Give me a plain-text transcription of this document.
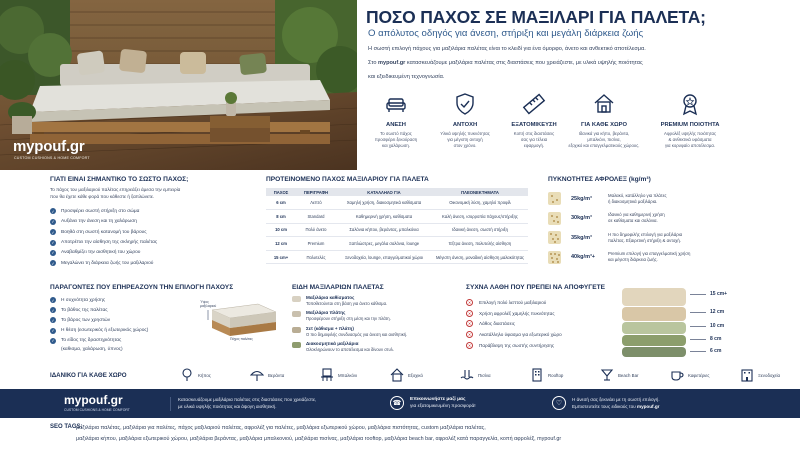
mypouf.gr
CUSTOM CUSHIONS & HOME COMFORT
ΠΟΣΟ ΠΑΧΟΣ ΣΕ ΜΑΞΙΛΑΡΙ ΓΙΑ ΠΑΛΕΤΑ;
Ο απόλυτος οδηγός για άνεση, στήριξη και μεγάλη διάρκεια ζωής
Η σωστή επιλογή πάχους για μαξιλάρια παλέτας είναι το κλειδί για ένα όμορφο, άνετο και ανθεκτικό αποτέλεσμα.
Στο mypouf.gr κατασκευάζουμε μαξιλάρια παλέτας στις διαστάσεις που χρειάζεστε, με υλικά υψηλής ποιότητας
και εξειδικευμένη τεχνογνωσία.
ΑΝΕΣΗ
Το σωστό πάχος
προσφέρει ξεκούραση
και χαλάρωση.
ΑΝΤΟΧΗ
Υλικά υψηλής πυκνότητας
για μέγιστη αντοχή
στον χρόνο.
ΕΞΑΤΟΜΙΚΕΥΣΗ
Κοπή στις διαστάσεις
σας για τέλεια
εφαρμογή.
ΓΙΑ ΚΑΘΕ ΧΩΡΟ
Ιδανικά για κήπο, βεράντα,
μπαλκόνι, πισίνα,
εξοχικό και επαγγελματικούς χώρους.
PREMIUM ΠΟΙΟΤΗΤΑ
Αφρολέξ υψηλής ποιότητας
& ανθεκτικά υφάσματα
για κορυφαίο αποτέλεσμα.
ΓΙΑΤΙ ΕΙΝΑΙ ΣΗΜΑΝΤΙΚΟ ΤΟ ΣΩΣΤΟ ΠΑΧΟΣ;
Το πάχος του μαξιλαριού παλέτας επηρεάζει άμεσα την εμπειρία
που θα έχετε κάθε φορά που κάθεστε ή ξαπλώνετε.
✓ Προσφέρει σωστή στήριξη στο σώμα
✓ Αυξάνει την άνεση και τη χαλάρωση
✓ Βοηθά στη σωστή κατανομή του βάρους
✓ Αποτρέπει την αίσθηση της σκληρής παλέτας
✓ Αναβαθμίζει την αισθητική του χώρου
✓ Μεγαλώνει τη διάρκεια ζωής του μαξιλαριού
ΠΡΟΤΕΙΝΟΜΕΝΟ ΠΑΧΟΣ ΜΑΞΙΛΑΡΙΟΥ ΓΙΑ ΠΑΛΕΤΑ
ΠΑΧΟΣ	ΠΕΡΙΓΡΑΦΗ	ΚΑΤΑΛΛΗΛΟ ΓΙΑ	ΠΛΕΟΝΕΚΤΗΜΑΤΑ
6 cm	Λεπτό	Χαμηλή χρήση, διακοσμητικά καθίσματα	Οικονομική λύση, χαμηλό προφίλ
8 cm	Standard	Καθημερινή χρήση, καθίσματα	Καλή άνεση, ισορροπία πάχους/στήριξης
10 cm	Πολύ άνετο	Σαλόνια κήπου, βεράντας, μπαλκόνια	Ιδανική άνεση, σωστή στήριξη
12 cm	Premium	Ξαπλώστρες, μεγάλα σαλόνια, lounge	Έξτρα άνεση, πολυτελής αίσθηση
15 cm+	Πολυτελές	Ξενοδοχεία, lounge, επαγγελματικοί χώροι	Μέγιστη άνεση, μοναδική αίσθηση μαλακότητας
ΠΥΚΝΟΤΗΤΕΣ ΑΦΡΟΛΕΞ (kg/m³)
25kg/m³
Μαλακό, κατάλληλο για πλάτες
ή διακοσμητικά μαξιλάρια.
30kg/m³
Ιδανικό για καθημερινή χρήση
σε καθίσματα και σαλόνια.
35kg/m³
Η πιο δημοφιλής επιλογή για μαξιλάρια
παλέτας. Εξαιρετική στήριξη & αντοχή.
40kg/m³+
Premium επιλογή για επαγγελματική χρήση
και μέγιστη διάρκεια ζωής.
ΠΑΡΑΓΟΝΤΕΣ ΠΟΥ ΕΠΗΡΕΑΖΟΥΝ ΤΗΝ ΕΠΙΛΟΓΗ ΠΑΧΟΥΣ
✓ Η συχνότητα χρήσης
✓ Το βάθος της παλέτας
✓ Το βάρος των χρηστών
✓ Η θέση (εσωτερικός ή εξωτερικός χώρος)
✓ Το είδος της δραστηριότητας
(καθισμα, χαλάρωση, ύπνος)
Ύψος μαξιλαριού
Πάχος παλέτας
ΕΙΔΗ ΜΑΞΙΛΑΡΙΩΝ ΠΑΛΕΤΑΣ
Μαξιλάρια καθίσματος
Τοποθετούνται στη βάση για άνετο κάθισμα.
Μαξιλάρια πλάτης
Προσφέρουν στήριξη στη μέση και την πλάτη.
Σετ (κάθισμα + πλάτη)
Ο πιο δημοφιλής συνδυασμός για άνεση και αισθητική.
Διακοσμητικά μαξιλάρια
Ολοκληρώνουν το αποτέλεσμα και δίνουν στυλ.
ΣΥΧΝΑ ΛΑΘΗ ΠΟΥ ΠΡΕΠΕΙ ΝΑ ΑΠΟΦΥΓΕΤΕ
✕	Επιλογή πολύ λεπτού μαξιλαριού
✕	Χρήση αφρολέξ χαμηλής πυκνότητας
✕	Λάθος διαστάσεις
✕	Ακατάλληλο ύφασμα για εξωτερικό χώρο
✕	Παράβλεψη της σωστής συντήρησης
15 cm+
12 cm
10 cm
8 cm
6 cm
ΙΔΑΝΙΚΟ ΓΙΑ ΚΑΘΕ ΧΩΡΟ	Κήπος	Βεράντα	Μπαλκόνι	Εξοχικό	Πισίνα	Rooftop	Beach Bar	Καφετέριες	Ξενοδοχεία
mypouf.gr
CUSTOM CUSHIONS & HOME COMFORT
Κατασκευάζουμε μαξιλάρια παλέτας στις διαστάσεις που χρειάζεστε,
με υλικά υψηλής ποιότητας και άψογη αισθητική.	☎
Επικοινωνήστε μαζί μας
για εξατομικευμένη προσφορά!	♡
Η άνεσή σας ξεκινάει με τη σωστή επιλογή.
Εμπιστευτείτε τους ειδικούς του mypouf.gr
SEO TAGS:
μαξιλάρια παλέτας, μαξιλάρια για παλέτες, πάχος μαξιλαριού παλέτας, αφρολέξ για παλέτες, μαξιλάρια εξωτερικού χώρου, μαξιλάρια πιστότητας, custom μαξιλάρια παλέτας,
μαξιλάρια κήπου, μαξιλάρια εξωτερικού χώρου, μαξιλάρια βεράντας, μαξιλάρια μπαλκονιού, μαξιλάρια πισίνας, μαξιλάρια rooftop, μαξιλάρια beach bar, αφρολέξ κατά παραγγελία, κοπή αφρολέξ, mypouf.gr
